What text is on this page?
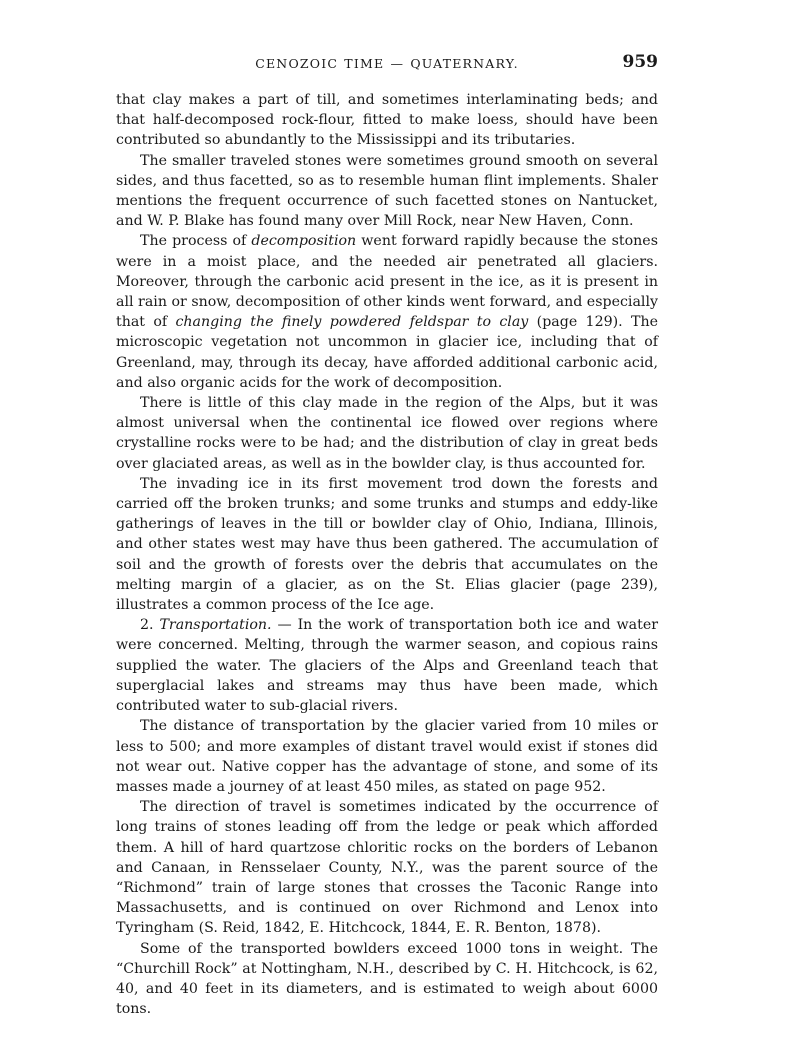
CENOZOIC TIME — QUATERNARY.	959

that clay makes a part of till, and sometimes interlaminating beds; and that half-decomposed rock-flour, fitted to make loess, should have been contributed so abundantly to the Mississippi and its tributaries.

The smaller traveled stones were sometimes ground smooth on several sides, and thus facetted, so as to resemble human flint implements. Shaler mentions the frequent occurrence of such facetted stones on Nantucket, and W. P. Blake has found many over Mill Rock, near New Haven, Conn.

The process of decomposition went forward rapidly because the stones were in a moist place, and the needed air penetrated all glaciers. Moreover, through the carbonic acid present in the ice, as it is present in all rain or snow, decomposition of other kinds went forward, and especially that of changing the finely powdered feldspar to clay (page 129). The microscopic vegetation not uncommon in glacier ice, including that of Greenland, may, through its decay, have afforded additional carbonic acid, and also organic acids for the work of decomposition.

There is little of this clay made in the region of the Alps, but it was almost universal when the continental ice flowed over regions where crystalline rocks were to be had; and the distribution of clay in great beds over glaciated areas, as well as in the bowlder clay, is thus accounted for.

The invading ice in its first movement trod down the forests and carried off the broken trunks; and some trunks and stumps and eddy-like gatherings of leaves in the till or bowlder clay of Ohio, Indiana, Illinois, and other states west may have thus been gathered. The accumulation of soil and the growth of forests over the debris that accumulates on the melting margin of a glacier, as on the St. Elias glacier (page 239), illustrates a common process of the Ice age.

2. Transportation. — In the work of transportation both ice and water were concerned. Melting, through the warmer season, and copious rains supplied the water. The glaciers of the Alps and Greenland teach that superglacial lakes and streams may thus have been made, which contributed water to sub-glacial rivers.

The distance of transportation by the glacier varied from 10 miles or less to 500; and more examples of distant travel would exist if stones did not wear out. Native copper has the advantage of stone, and some of its masses made a journey of at least 450 miles, as stated on page 952.

The direction of travel is sometimes indicated by the occurrence of long trains of stones leading off from the ledge or peak which afforded them. A hill of hard quartzose chloritic rocks on the borders of Lebanon and Canaan, in Rensselaer County, N.Y., was the parent source of the “Richmond” train of large stones that crosses the Taconic Range into Massachusetts, and is continued on over Richmond and Lenox into Tyringham (S. Reid, 1842, E. Hitchcock, 1844, E. R. Benton, 1878).

Some of the transported bowlders exceed 1000 tons in weight. The “Churchill Rock” at Nottingham, N.H., described by C. H. Hitchcock, is 62, 40, and 40 feet in its diameters, and is estimated to weigh about 6000 tons.
